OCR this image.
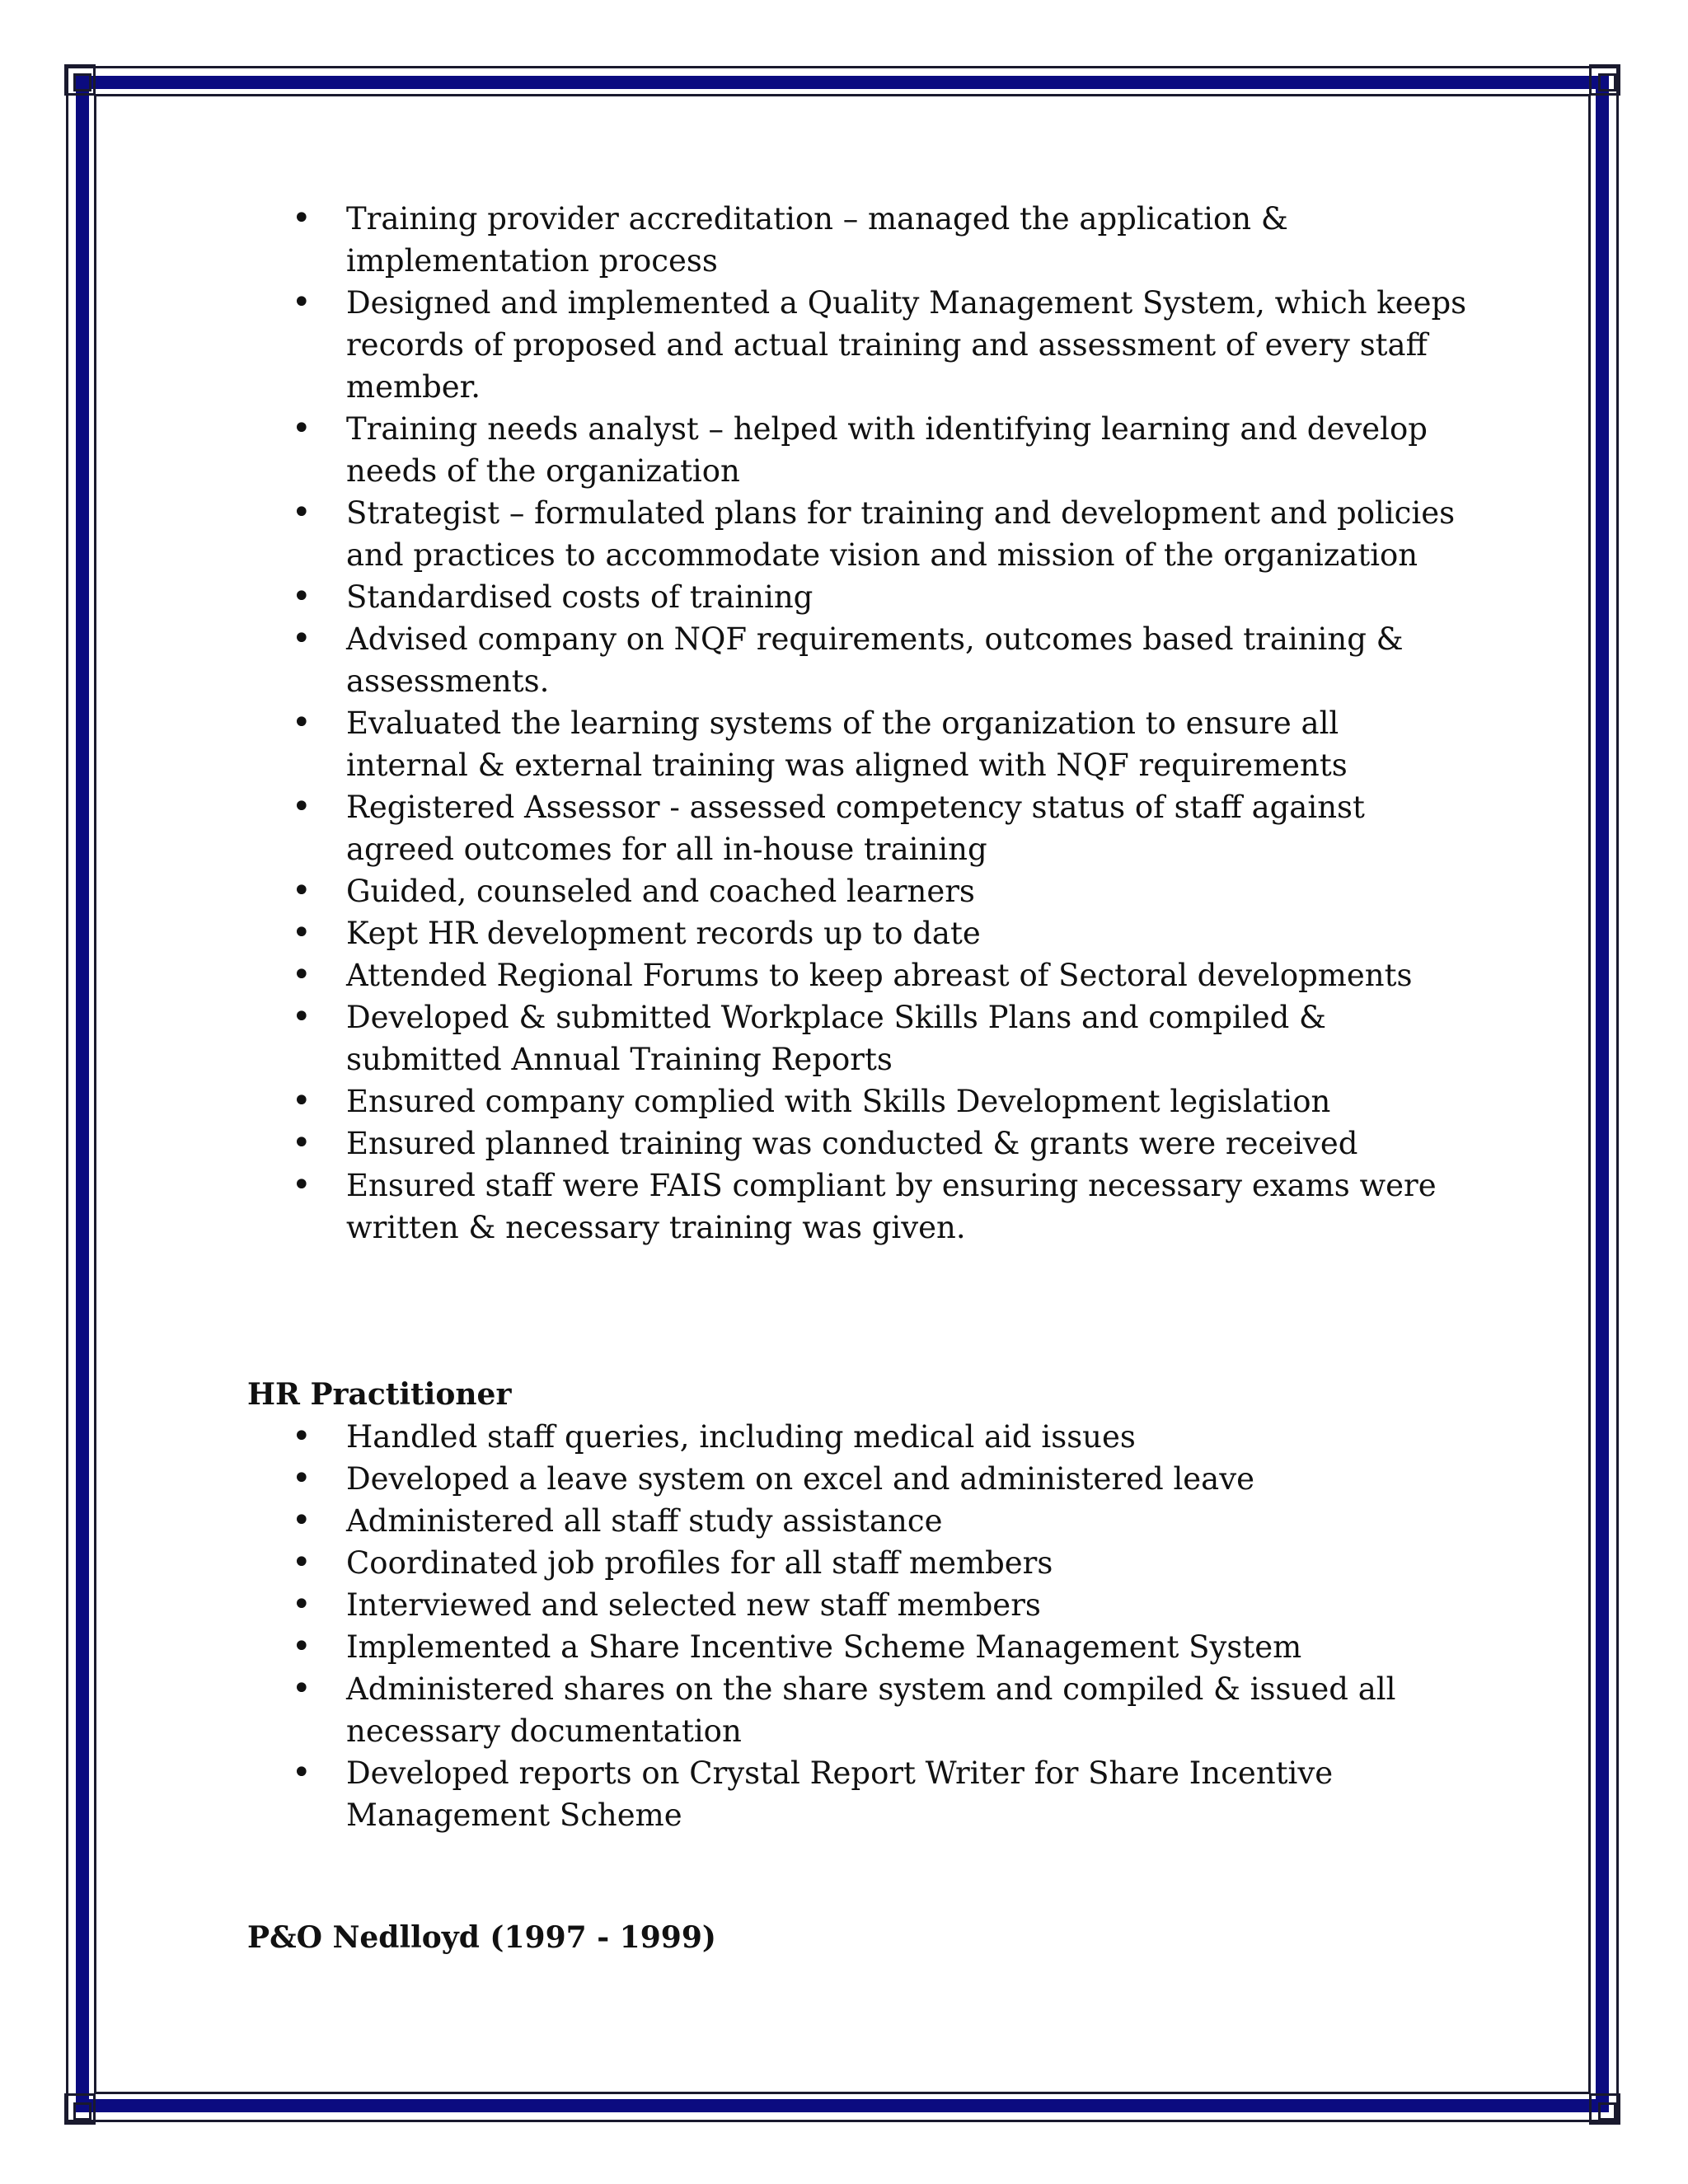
• Training provider accreditation – managed the application & implementation process
• Designed and implemented a Quality Management System, which keeps records of proposed and actual training and assessment of every staff member.
• Training needs analyst – helped with identifying learning and develop needs of the organization
• Strategist – formulated plans for training and development and policies and practices to accommodate vision and mission of the organization
• Standardised costs of training
• Advised company on NQF requirements, outcomes based training & assessments.
• Evaluated the learning systems of the organization to ensure all internal & external training was aligned with NQF requirements
• Registered Assessor - assessed competency status of staff against agreed outcomes for all in-house training
• Guided, counseled and coached learners
• Kept HR development records up to date
• Attended Regional Forums to keep abreast of Sectoral developments
• Developed & submitted Workplace Skills Plans and compiled & submitted Annual Training Reports
• Ensured company complied with Skills Development legislation
• Ensured planned training was conducted & grants were received
• Ensured staff were FAIS compliant by ensuring necessary exams were written & necessary training was given.

HR Practitioner

• Handled staff queries, including medical aid issues
• Developed a leave system on excel and administered leave
• Administered all staff study assistance
• Coordinated job profiles for all staff members
• Interviewed and selected new staff members
• Implemented a Share Incentive Scheme Management System
• Administered shares on the share system and compiled & issued all necessary documentation
• Developed reports on Crystal Report Writer for Share Incentive Management Scheme

P&O Nedlloyd (1997 - 1999)
